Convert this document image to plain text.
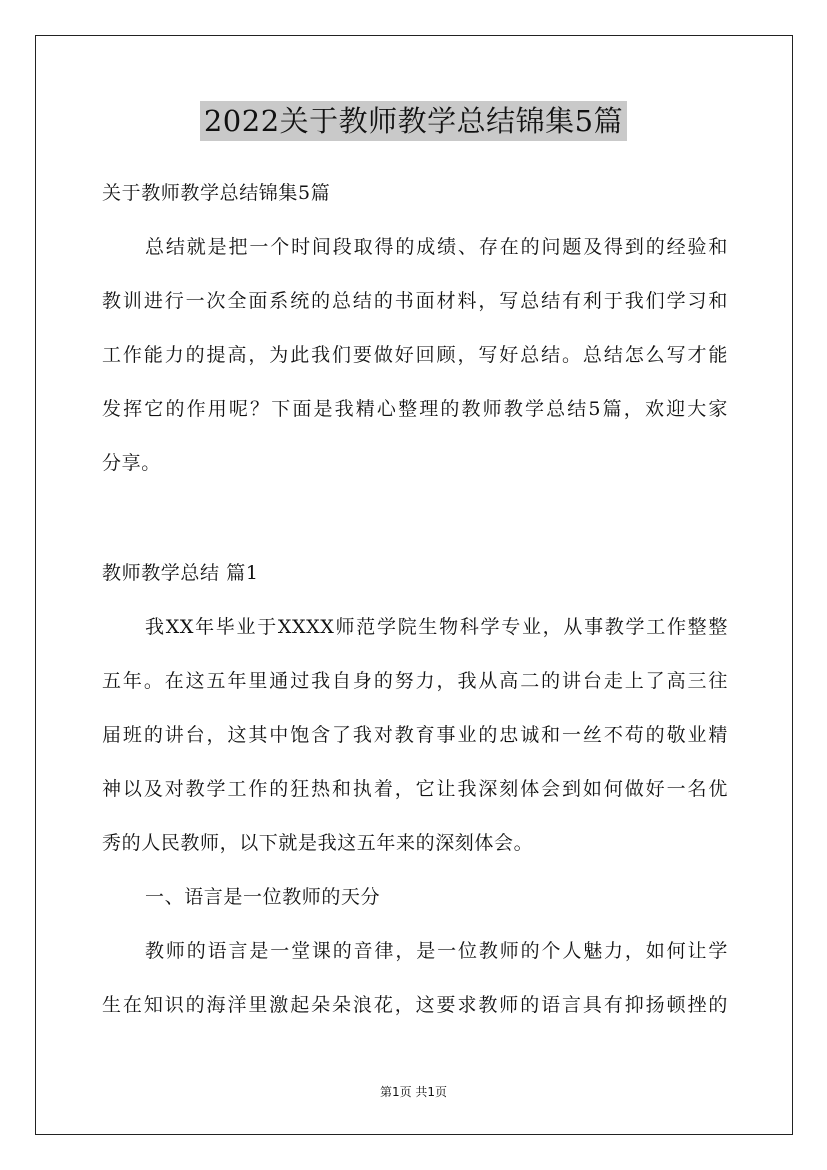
2022关于教师教学总结锦集5篇
关于教师教学总结锦集5篇
总结就是把一个时间段取得的成绩、存在的问题及得到的经验和
教训进行一次全面系统的总结的书面材料，写总结有利于我们学习和
工作能力的提高，为此我们要做好回顾，写好总结。总结怎么写才能
发挥它的作用呢？下面是我精心整理的教师教学总结5篇，欢迎大家
分享。
教师教学总结 篇1
我XX年毕业于XXXX师范学院生物科学专业，从事教学工作整整
五年。在这五年里通过我自身的努力，我从高二的讲台走上了高三往
届班的讲台，这其中饱含了我对教育事业的忠诚和一丝不苟的敬业精
神以及对教学工作的狂热和执着，它让我深刻体会到如何做好一名优
秀的人民教师，以下就是我这五年来的深刻体会。
一、语言是一位教师的天分
教师的语言是一堂课的音律，是一位教师的个人魅力，如何让学
生在知识的海洋里激起朵朵浪花，这要求教师的语言具有抑扬顿挫的
第1页 共1页
